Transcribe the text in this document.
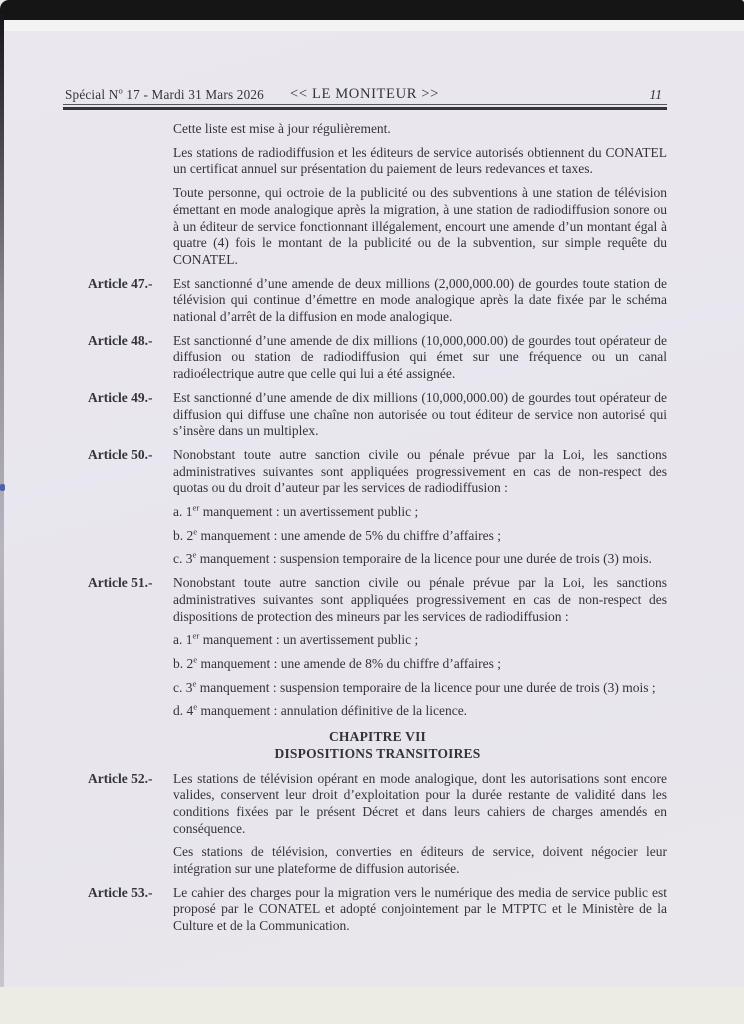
Spécial $N^o$ 17 - Mardi 31 Mars 2026 << LE MONITEUR >>	11

Cette liste est mise à jour régulièrement.

Les stations de radiodiffusion et les éditeurs de service autorisés obtiennent du CONATEL un certificat annuel sur présentation du paiement de leurs redevances et taxes.

Toute personne, qui octroie de la publicité ou des subventions à une station de télévision émettant en mode analogique après la migration, à une station de radiodiffusion sonore ou à un éditeur de service fonctionnant illégalement, encourt une amende d’un montant égal à quatre (4) fois le montant de la publicité ou de la subvention, sur simple requête du CONATEL.

Article 47.-	Est sanctionné d’une amende de deux millions (2,000,000.00) de gourdes toute station de télévision qui continue d’émettre en mode analogique après la date fixée par le schéma national d’arrêt de la diffusion en mode analogique.

Article 48.-	Est sanctionné d’une amende de dix millions (10,000,000.00) de gourdes tout opérateur de diffusion ou station de radiodiffusion qui émet sur une fréquence ou un canal radioélectrique autre que celle qui lui a été assignée.

Article 49.-	Est sanctionné d’une amende de dix millions (10,000,000.00) de gourdes tout opérateur de diffusion qui diffuse une chaîne non autorisée ou tout éditeur de service non autorisé qui s’insère dans un multiplex.

Article 50.-	Nonobstant toute autre sanction civile ou pénale prévue par la Loi, les sanctions administratives suivantes sont appliquées progressivement en cas de non-respect des quotas ou du droit d’auteur par les services de radiodiffusion :

a. 1er manquement : un avertissement public ;

b. 2e manquement : une amende de 5% du chiffre d’affaires ;

c. 3e manquement : suspension temporaire de la licence pour une durée de trois (3) mois.

Article 51.-	Nonobstant toute autre sanction civile ou pénale prévue par la Loi, les sanctions administratives suivantes sont appliquées progressivement en cas de non-respect des dispositions de protection des mineurs par les services de radiodiffusion :

a. 1er manquement : un avertissement public ;

b. 2e manquement : une amende de 8% du chiffre d’affaires ;

c. 3e manquement : suspension temporaire de la licence pour une durée de trois (3) mois ;

d. 4e manquement : annulation définitive de la licence.

CHAPITRE VII
DISPOSITIONS TRANSITOIRES
Article 52.-	Les stations de télévision opérant en mode analogique, dont les autorisations sont encore valides, conservent leur droit d’exploitation pour la durée restante de validité dans les conditions fixées par le présent Décret et dans leurs cahiers de charges amendés en conséquence.

Ces stations de télévision, converties en éditeurs de service, doivent négocier leur intégration sur une plateforme de diffusion autorisée.

Article 53.-	Le cahier des charges pour la migration vers le numérique des media de service public est proposé par le CONATEL et adopté conjointement par le MTPTC et le Ministère de la Culture et de la Communication.
